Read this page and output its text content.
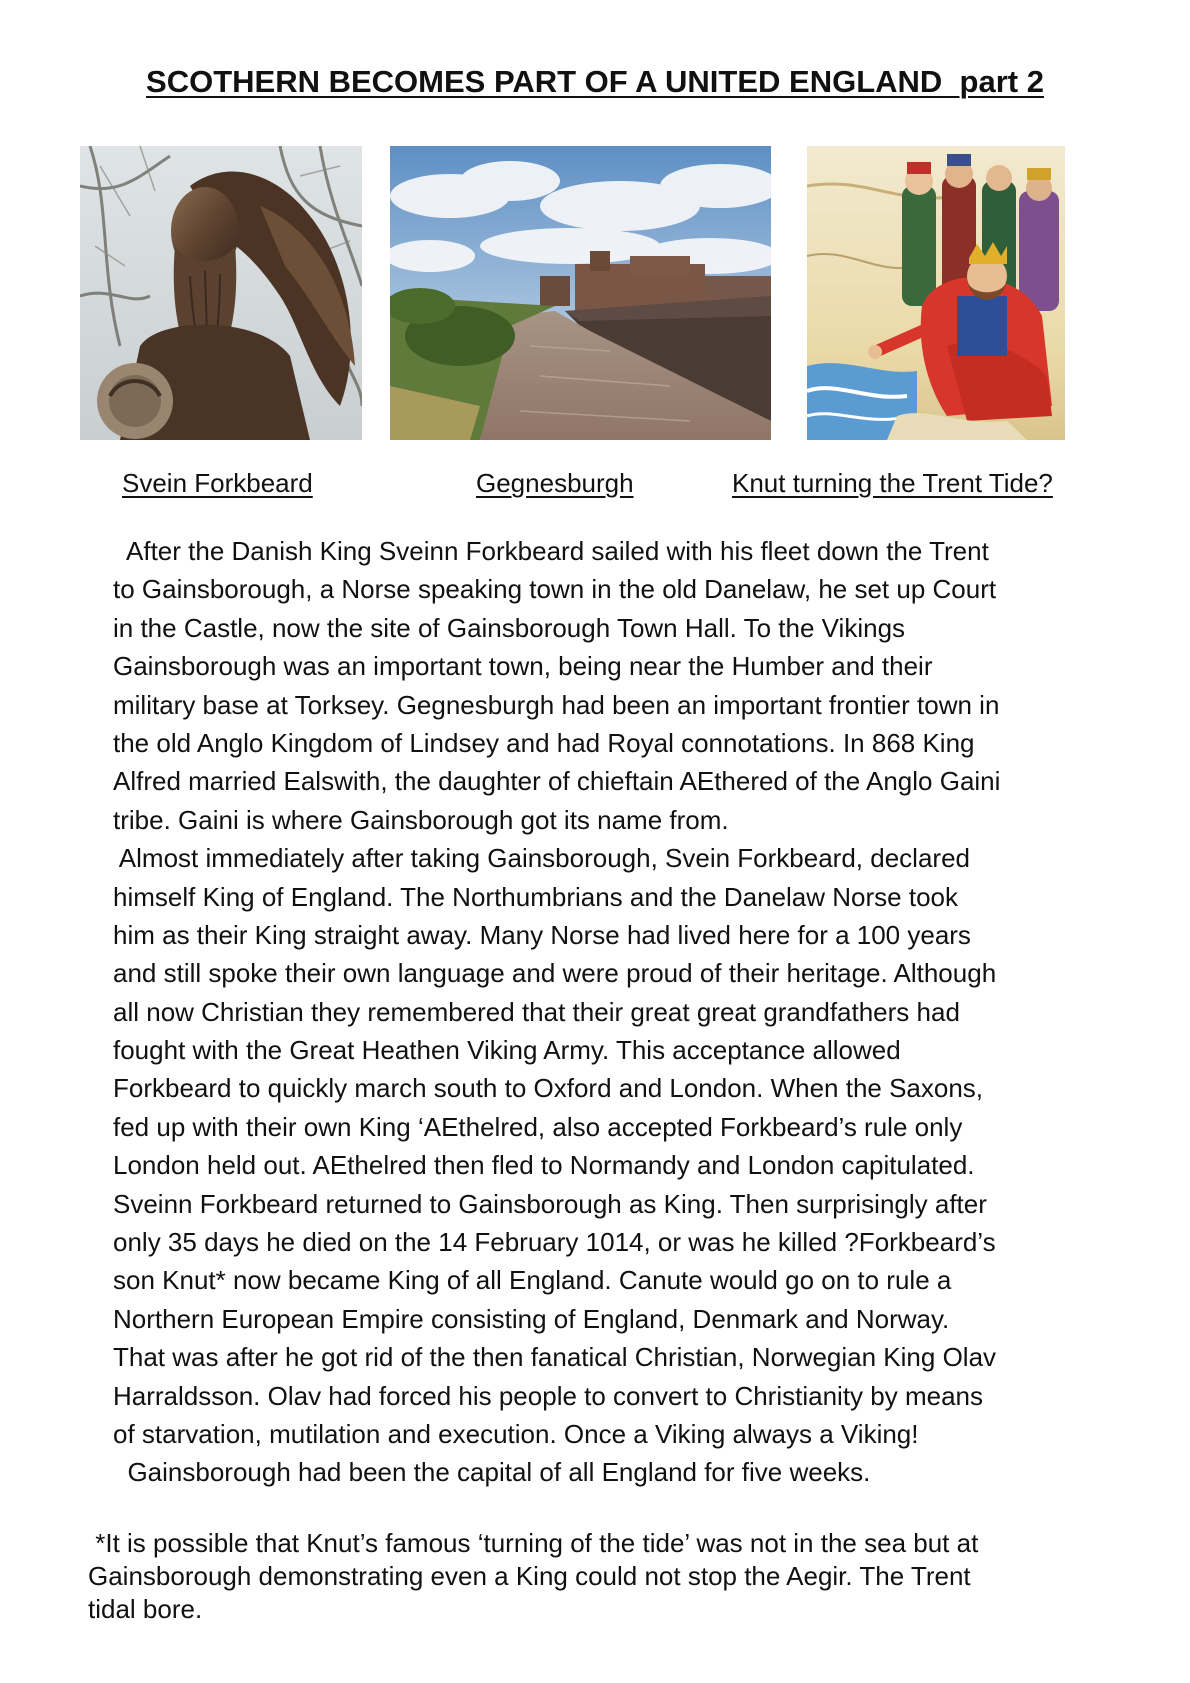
SCOTHERN BECOMES PART OF A UNITED ENGLAND  part 2
Svein Forkbeard	Gegnesburgh	Knut turning the Trent Tide?
After the Danish King Sveinn Forkbeard sailed with his fleet down the Trent
to Gainsborough, a Norse speaking town in the old Danelaw, he set up Court
in the Castle, now the site of Gainsborough Town Hall. To the Vikings
Gainsborough was an important town, being near the Humber and their
military base at Torksey. Gegnesburgh had been an important frontier town in
the old Anglo Kingdom of Lindsey and had Royal connotations. In 868 King
Alfred married Ealswith, the daughter of chieftain AEthered of the Anglo Gaini
tribe. Gaini is where Gainsborough got its name from.
Almost immediately after taking Gainsborough, Svein Forkbeard, declared
himself King of England. The Northumbrians and the Danelaw Norse took
him as their King straight away. Many Norse had lived here for a 100 years
and still spoke their own language and were proud of their heritage. Although
all now Christian they remembered that their great great grandfathers had
fought with the Great Heathen Viking Army. This acceptance allowed
Forkbeard to quickly march south to Oxford and London. When the Saxons,
fed up with their own King ‘AEthelred, also accepted Forkbeard’s rule only
London held out. AEthelred then fled to Normandy and London capitulated.
Sveinn Forkbeard returned to Gainsborough as King. Then surprisingly after
only 35 days he died on the 14 February 1014, or was he killed ?Forkbeard’s
son Knut* now became King of all England. Canute would go on to rule a
Northern European Empire consisting of England, Denmark and Norway.
That was after he got rid of the then fanatical Christian, Norwegian King Olav
Harraldsson. Olav had forced his people to convert to Christianity by means
of starvation, mutilation and execution. Once a Viking always a Viking!
Gainsborough had been the capital of all England for five weeks.
*It is possible that Knut’s famous ‘turning of the tide’ was not in the sea but at
Gainsborough demonstrating even a King could not stop the Aegir. The Trent
tidal bore.
